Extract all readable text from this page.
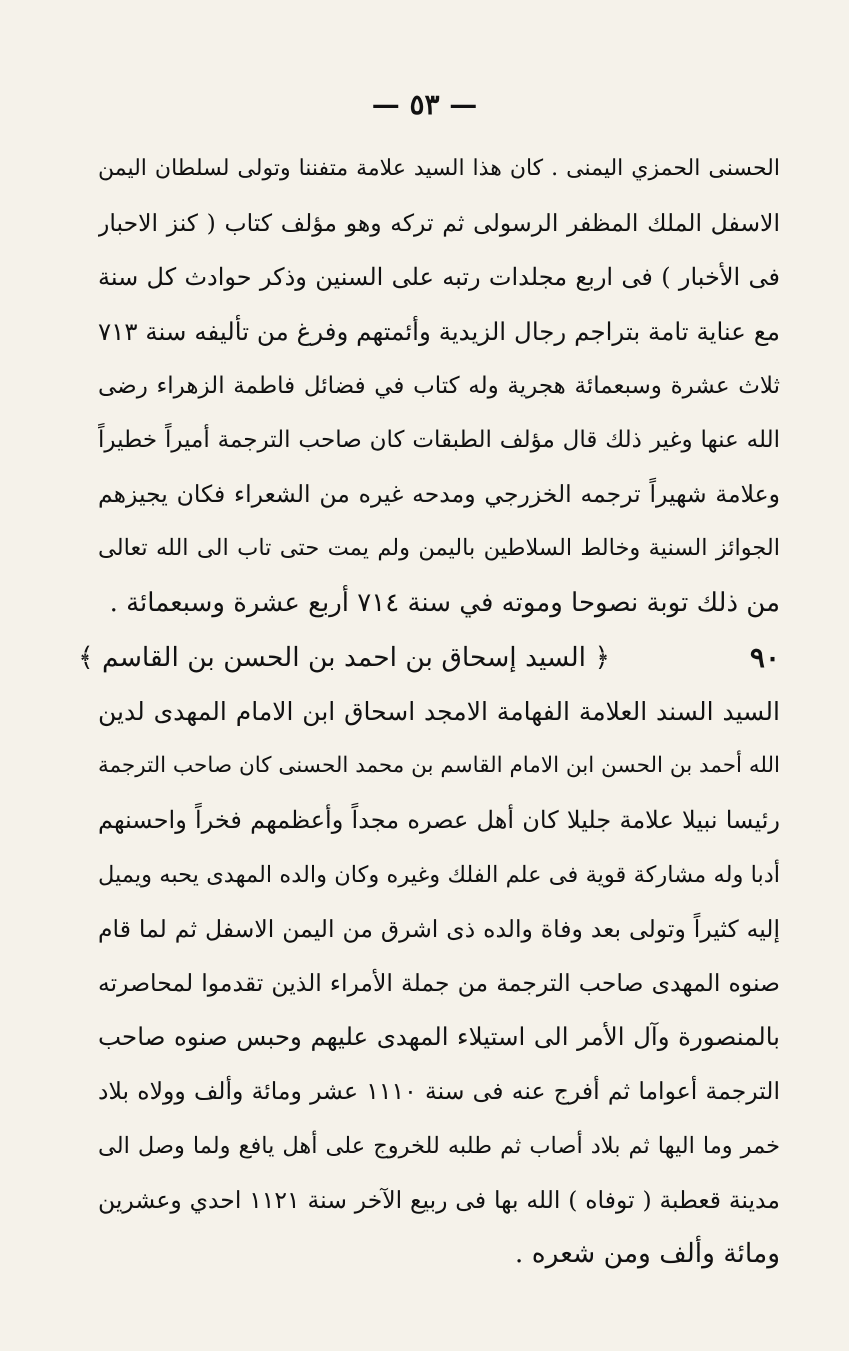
— ٥٣ —
الحسنى الحمزي اليمنى . كان هذا السيد علامة متفننا وتولى لسلطان اليمن
الاسفل الملك المظفر الرسولى ثم تركه وهو مؤلف كتاب ( كنز الاحبار
فى الأخبار ) فى اربع مجلدات رتبه على السنين وذكر حوادث كل سنة
مع عناية تامة بتراجم رجال الزيدية وأئمتهم وفرغ من تأليفه سنة ٧١٣
ثلاث عشرة وسبعمائة هجرية وله كتاب في فضائل فاطمة الزهراء رضى
الله عنها وغير ذلك قال مؤلف الطبقات كان صاحب الترجمة أميراً خطيراً
وعلامة شهيراً ترجمه الخزرجي ومدحه غيره من الشعراء فكان يجيزهم
الجوائز السنية وخالط السلاطين باليمن ولم يمت حتى تاب الى الله تعالى
من ذلك توبة نصوحا وموته في سنة ٧١٤ أربع عشرة وسبعمائة .
٩٠
﴿ السيد إسحاق بن احمد بن الحسن بن القاسم ﴾
السيد السند العلامة الفهامة الامجد اسحاق ابن الامام المهدى لدين
الله أحمد بن الحسن ابن الامام القاسم بن محمد الحسنى كان صاحب الترجمة
رئيسا نبيلا علامة جليلا كان أهل عصره مجداً وأعظمهم فخراً واحسنهم
أدبا وله مشاركة قوية فى علم الفلك وغيره وكان والده المهدى يحبه ويميل
إليه كثيراً وتولى بعد وفاة والده ذى اشرق من اليمن الاسفل ثم لما قام
صنوه المهدى صاحب الترجمة من جملة الأمراء الذين تقدموا لمحاصرته
بالمنصورة وآل الأمر الى استيلاء المهدى عليهم وحبس صنوه صاحب
الترجمة أعواما ثم أفرج عنه فى سنة ١١١٠ عشر ومائة وألف وولاه بلاد
خمر وما اليها ثم بلاد أصاب ثم طلبه للخروج على أهل يافع ولما وصل الى
مدينة قعطبة ( توفاه ) الله بها فى ربيع الآخر سنة ١١٢١ احدي وعشرين
ومائة وألف ومن شعره .
